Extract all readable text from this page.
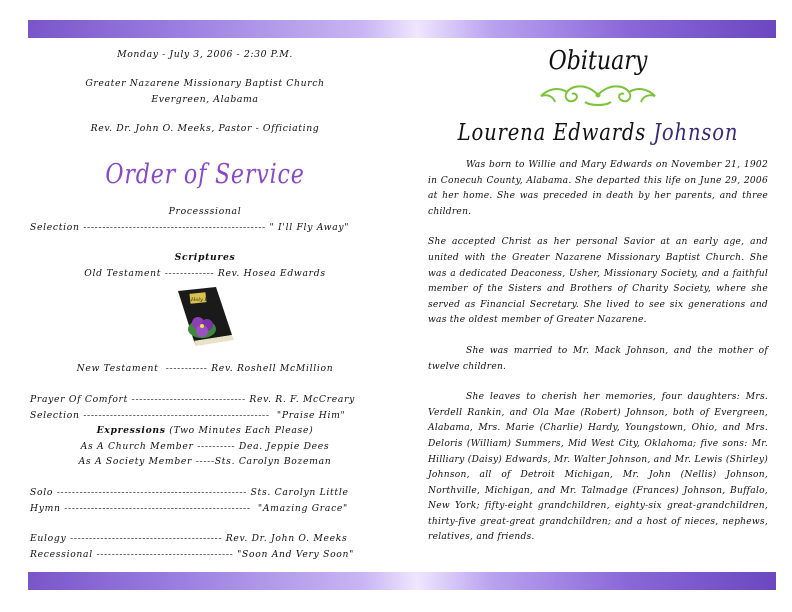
Monday - July 3, 2006 - 2:30 P.M.
Greater Nazarene Missionary Baptist Church
Evergreen, Alabama
Rev. Dr. John O. Meeks, Pastor - Officiating
Order of Service
Processsional
Selection ------------------------------------------------ " I'll Fly Away"
Scriptures
Old Testament ------------- Rev. Hosea Edwards
Holy Bible
New Testament  ----------- Rev. Roshell McMillion
Prayer Of Comfort ------------------------------ Rev. R. F. McCreary
Selection -------------------------------------------------  "Praise Him"
Expressions (Two Minutes Each Please)
As A Church Member ---------- Dea. Jeppie Dees
As A Society Member -----Sts. Carolyn Bozeman
Solo -------------------------------------------------- Sts. Carolyn Little
Hymn -------------------------------------------------  "Amazing Grace"
Eulogy ---------------------------------------- Rev. Dr. John O. Meeks
Recessional ------------------------------------ "Soon And Very Soon"
Obituary
Lourena Edwards Johnson

Was born to Willie and Mary Edwards on November 21, 1902 in Conecuh County, Alabama. She departed this life on June 29, 2006 at her home. She was preceded in death by her parents, and three children.

She accepted Christ as her personal Savior at an early age, and united with the Greater Nazarene Missionary Baptist Church. She was a dedicated Deaconess, Usher, Missionary Society, and a faithful member of the Sisters and Brothers of Charity Society, where she served as Financial Secretary. She lived to see six generations and was the oldest member of Greater Nazarene.

She was married to Mr. Mack Johnson, and the mother of twelve children.

She leaves to cherish her memories, four daughters: Mrs. Verdell Rankin, and Ola Mae (Robert) Johnson, both of Evergreen, Alabama, Mrs. Marie (Charlie) Hardy, Youngstown, Ohio, and Mrs. Deloris (William) Summers, Mid West City, Oklahoma; five sons: Mr. Hilliary (Daisy) Edwards, Mr. Walter Johnson, and Mr. Lewis (Shirley) Johnson, all of Detroit Michigan, Mr. John (Nellis) Johnson, Northville, Michigan, and Mr. Talmadge (Frances) Johnson, Buffalo, New York; fifty-eight grandchildren, eighty-six great-grandchildren, thirty-five great-great grandchildren; and a host of nieces, nephews, relatives, and friends.
